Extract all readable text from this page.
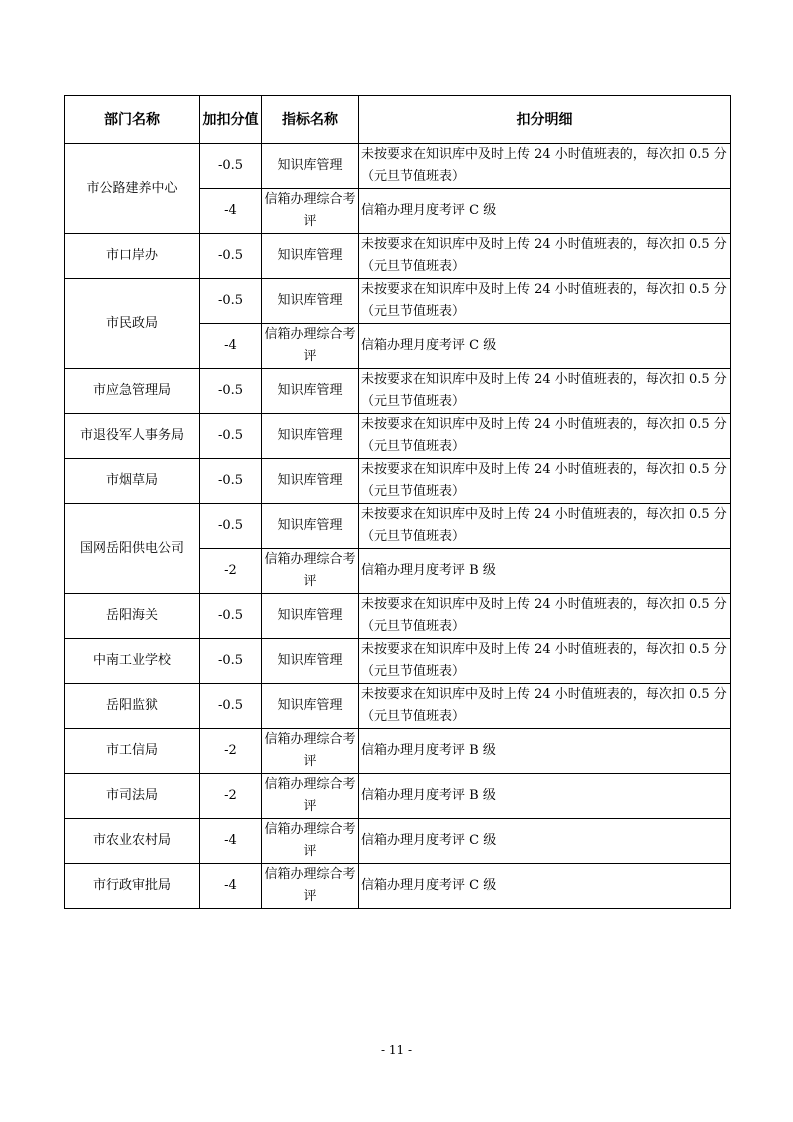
部门名称	加扣分值	指标名称	扣分明细
市公路建养中心	-0.5	知识库管理	未按要求在知识库中及时上传 24 小时值班表的，每次扣 0.5 分（元旦节值班表）
	-4	信箱办理综合考评	信箱办理月度考评 C 级
市口岸办	-0.5	知识库管理	未按要求在知识库中及时上传 24 小时值班表的，每次扣 0.5 分（元旦节值班表）
市民政局	-0.5	知识库管理	未按要求在知识库中及时上传 24 小时值班表的，每次扣 0.5 分（元旦节值班表）
	-4	信箱办理综合考评	信箱办理月度考评 C 级
市应急管理局	-0.5	知识库管理	未按要求在知识库中及时上传 24 小时值班表的，每次扣 0.5 分（元旦节值班表）
市退役军人事务局	-0.5	知识库管理	未按要求在知识库中及时上传 24 小时值班表的，每次扣 0.5 分（元旦节值班表）
市烟草局	-0.5	知识库管理	未按要求在知识库中及时上传 24 小时值班表的，每次扣 0.5 分（元旦节值班表）
国网岳阳供电公司	-0.5	知识库管理	未按要求在知识库中及时上传 24 小时值班表的，每次扣 0.5 分（元旦节值班表）
	-2	信箱办理综合考评	信箱办理月度考评 B 级
岳阳海关	-0.5	知识库管理	未按要求在知识库中及时上传 24 小时值班表的，每次扣 0.5 分（元旦节值班表）
中南工业学校	-0.5	知识库管理	未按要求在知识库中及时上传 24 小时值班表的，每次扣 0.5 分（元旦节值班表）
岳阳监狱	-0.5	知识库管理	未按要求在知识库中及时上传 24 小时值班表的，每次扣 0.5 分（元旦节值班表）
市工信局	-2	信箱办理综合考评	信箱办理月度考评 B 级
市司法局	-2	信箱办理综合考评	信箱办理月度考评 B 级
市农业农村局	-4	信箱办理综合考评	信箱办理月度考评 C 级
市行政审批局	-4	信箱办理综合考评	信箱办理月度考评 C 级
- 11 -
